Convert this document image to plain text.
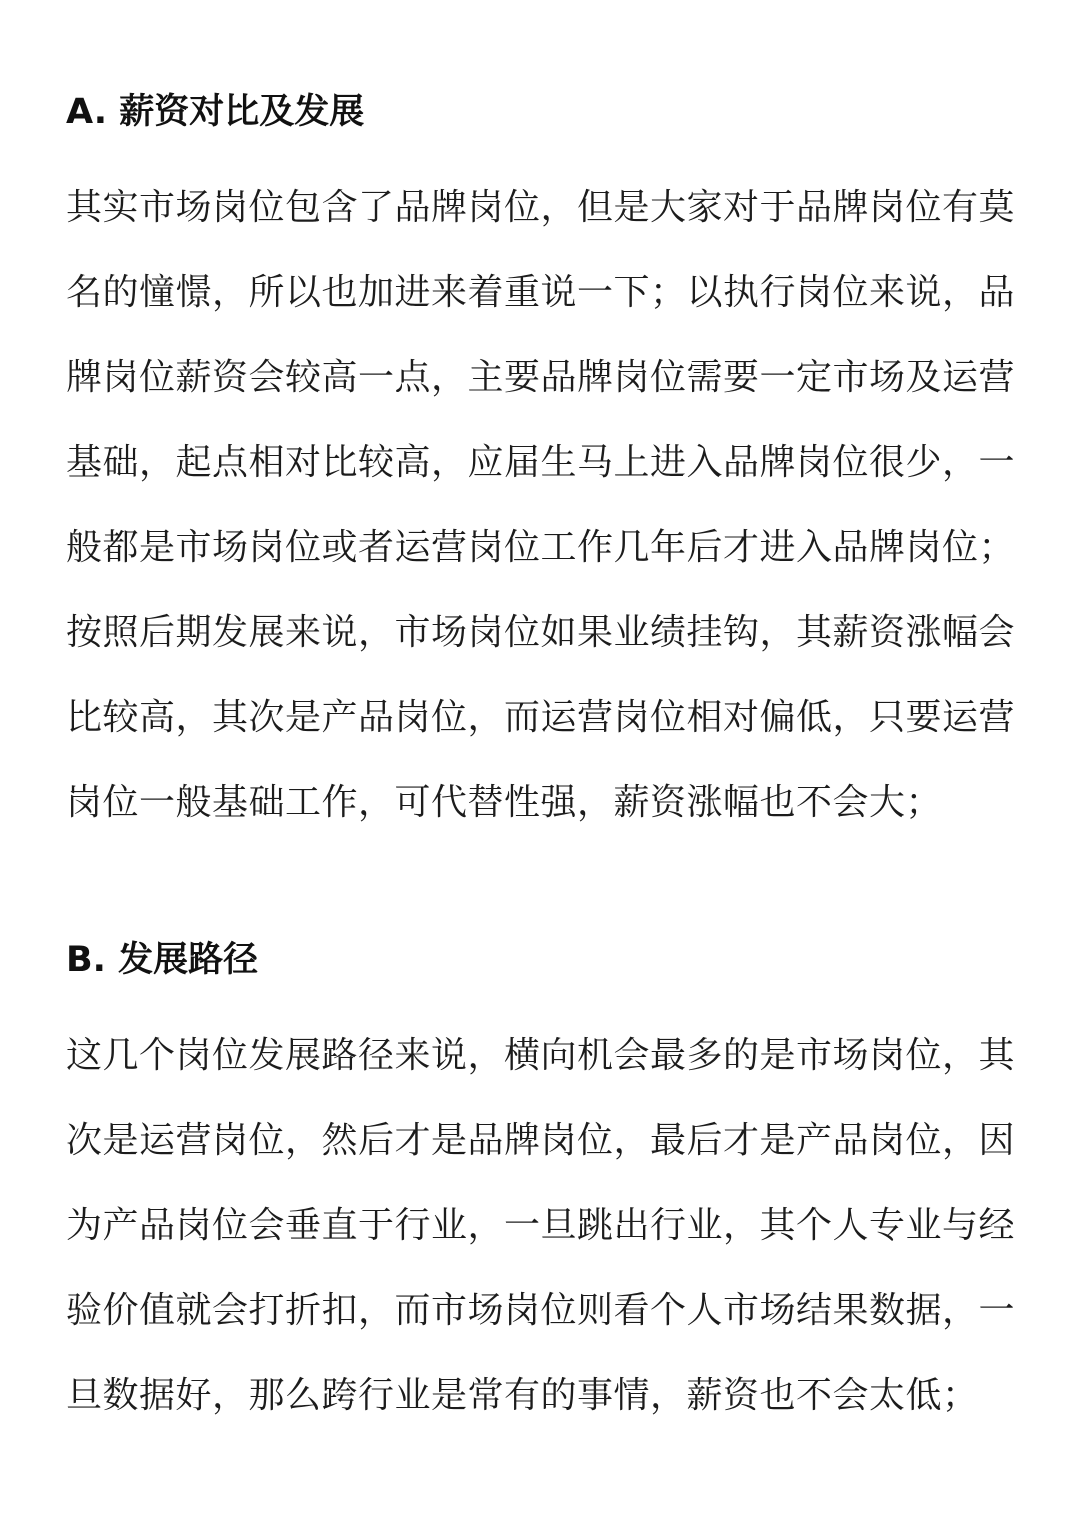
A. 薪资对比及发展

其实市场岗位包含了品牌岗位，但是大家对于品牌岗位有莫
名的憧憬，所以也加进来着重说一下；以执行岗位来说，品
牌岗位薪资会较高一点，主要品牌岗位需要一定市场及运营
基础，起点相对比较高，应届生马上进入品牌岗位很少，一
般都是市场岗位或者运营岗位工作几年后才进入品牌岗位；
按照后期发展来说，市场岗位如果业绩挂钩，其薪资涨幅会
比较高，其次是产品岗位，而运营岗位相对偏低，只要运营
岗位一般基础工作，可代替性强，薪资涨幅也不会大；

B. 发展路径

这几个岗位发展路径来说，横向机会最多的是市场岗位，其
次是运营岗位，然后才是品牌岗位，最后才是产品岗位，因
为产品岗位会垂直于行业，一旦跳出行业，其个人专业与经
验价值就会打折扣，而市场岗位则看个人市场结果数据，一
旦数据好，那么跨行业是常有的事情，薪资也不会太低；
